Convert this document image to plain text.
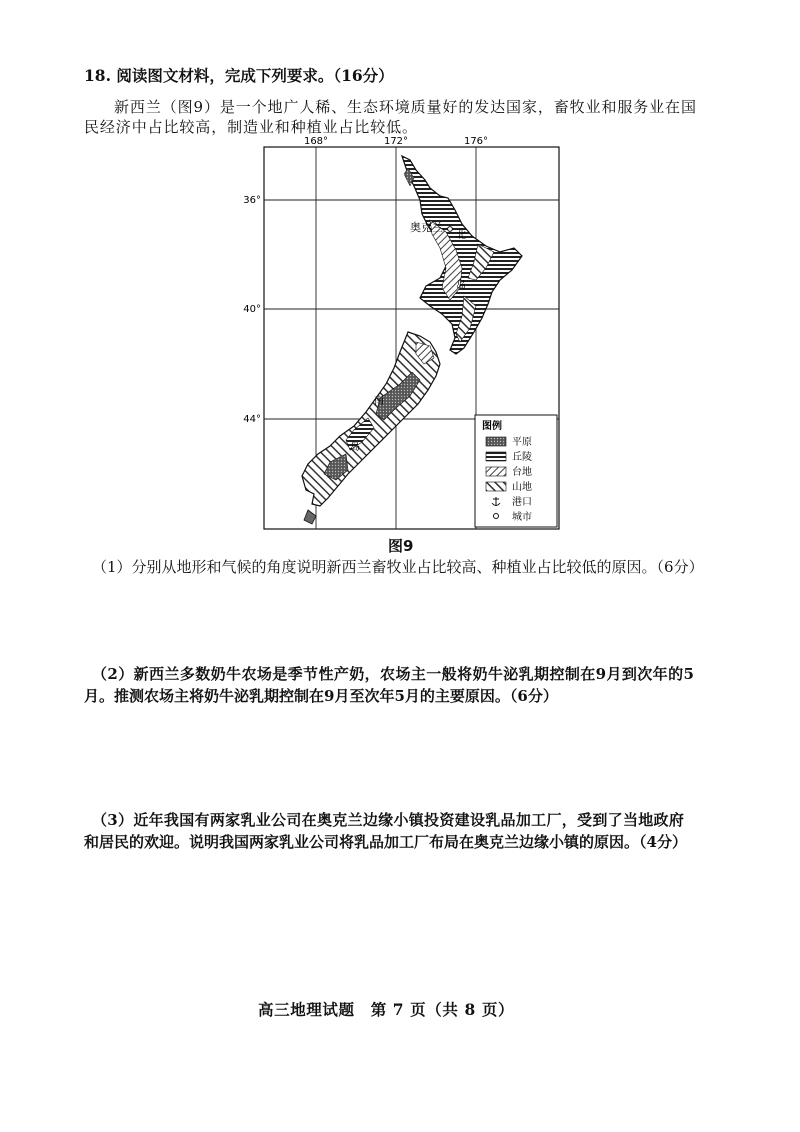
18. 阅读图文材料，完成下列要求。（16分）
新西兰（图9）是一个地广人稀、生态环境质量好的发达国家，畜牧业和服务业在国
民经济中占比较高，制造业和种植业占比较低。
168°	172°	176°
36°
40°
44°
奥克兰
北
岛
南
岛
图例
平原
丘陵
台地
山地
港口
城市
图9
（1）分别从地形和气候的角度说明新西兰畜牧业占比较高、种植业占比较低的原因。（6分）
（2）新西兰多数奶牛农场是季节性产奶，农场主一般将奶牛泌乳期控制在9月到次年的5
月。推测农场主将奶牛泌乳期控制在9月至次年5月的主要原因。（6分）
（3）近年我国有两家乳业公司在奥克兰边缘小镇投资建设乳品加工厂，受到了当地政府
和居民的欢迎。说明我国两家乳业公司将乳品加工厂布局在奥克兰边缘小镇的原因。（4分）
高三地理试题　第 7 页（共 8 页）
